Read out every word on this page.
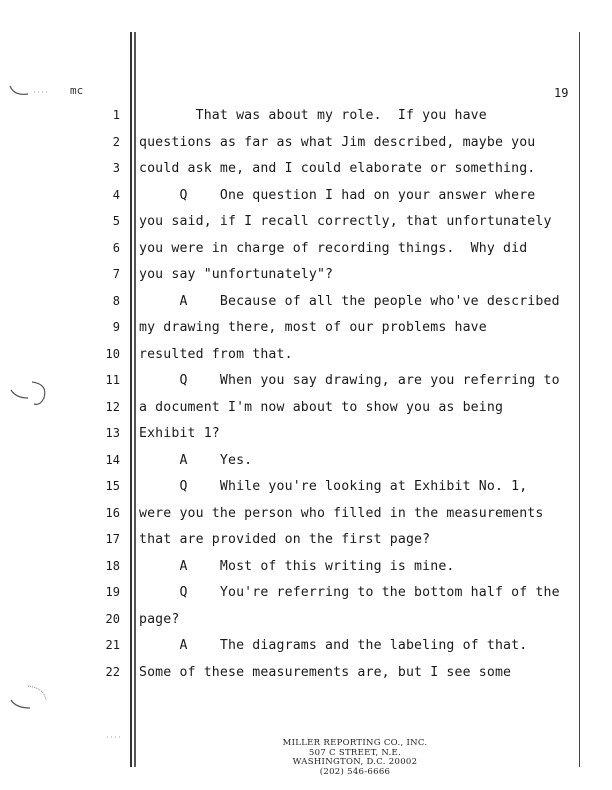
mc	19
1 That was about my role.  If you have
2 questions as far as what Jim described, maybe you
3 could ask me, and I could elaborate or something.
4 Q    One question I had on your answer where
5 you said, if I recall correctly, that unfortunately
6 you were in charge of recording things.  Why did
7 you say "unfortunately"?
8 A    Because of all the people who've described
9 my drawing there, most of our problems have
10 resulted from that.
11 Q    When you say drawing, are you referring to
12 a document I'm now about to show you as being
13 Exhibit 1?
14 A    Yes.
15 Q    While you're looking at Exhibit No. 1,
16 were you the person who filled in the measurements
17 that are provided on the first page?
18 A    Most of this writing is mine.
19 Q    You're referring to the bottom half of the
20 page?
21 A    The diagrams and the labeling of that.
22 Some of these measurements are, but I see some
MILLER REPORTING CO., INC.
507 C STREET, N.E.
WASHINGTON, D.C. 20002
(202) 546-6666
